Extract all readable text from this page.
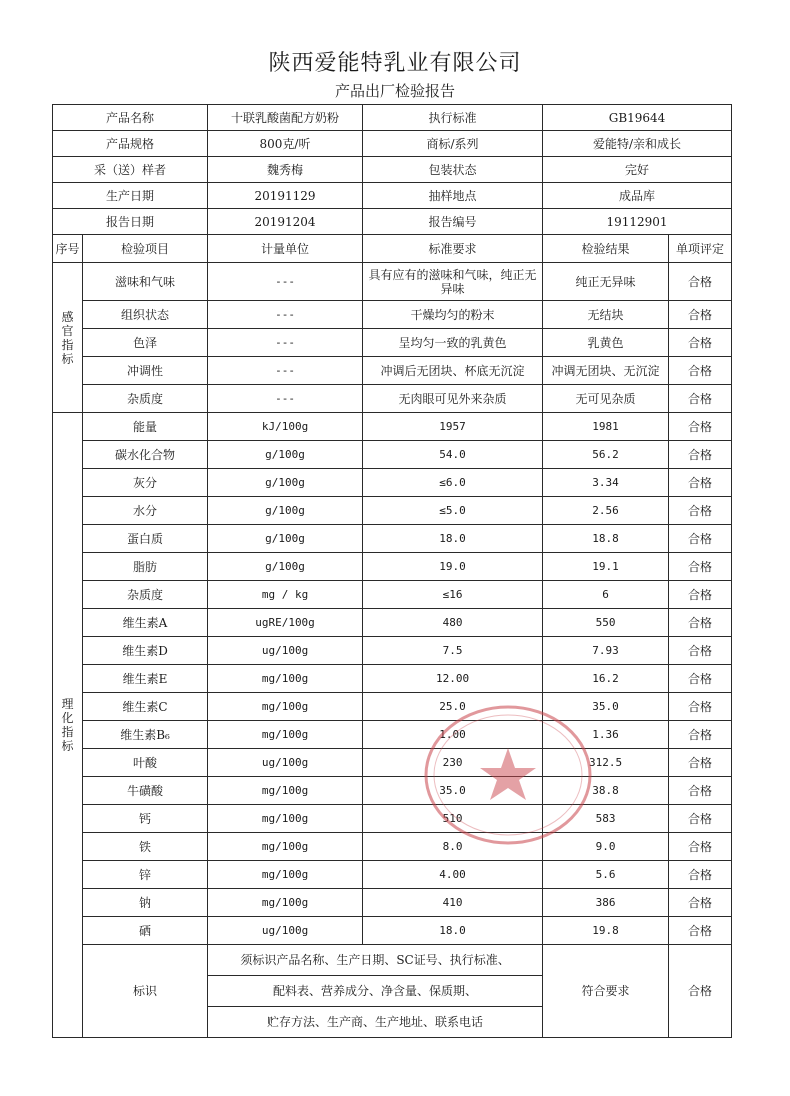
陕西爱能特乳业有限公司
产品出厂检验报告
产品名称		十联乳酸菌配方奶粉	执行标准	GB19644	
产品规格		800克/听	商标/系列	爱能特/亲和成长	
采（送）样者		魏秀梅	包装状态	完好	
生产日期		20191129	抽样地点	成品库	
报告日期		20191204	报告编号	19112901	
序号	检验项目	计量单位	标准要求	检验结果	单项评定
感
官
指
标	滋味和气味	---	具有应有的滋味和气味，纯正无异味	纯正无异味	合格
	组织状态	---	干燥均匀的粉末	无结块	合格
	色泽	---	呈均匀一致的乳黄色	乳黄色	合格
	冲调性	---	冲调后无团块、杯底无沉淀	冲调无团块、无沉淀	合格
	杂质度	---	无肉眼可见外来杂质	无可见杂质	合格
理
化
指
标	能量	kJ/100g	1957	1981	合格
	碳水化合物	g/100g	54.0	56.2	合格
	灰分	g/100g	≤6.0	3.34	合格
	水分	g/100g	≤5.0	2.56	合格
	蛋白质	g/100g	18.0	18.8	合格
	脂肪	g/100g	19.0	19.1	合格
	杂质度	mg / kg	≤16	6	合格
	维生素A	ugRE/100g	480	550	合格
	维生素D	ug/100g	7.5	7.93	合格
	维生素E	mg/100g	12.00	16.2	合格
	维生素C	mg/100g	25.0	35.0	合格
	维生素B₆	mg/100g	1.00	1.36	合格
	叶酸	ug/100g	230	312.5	合格
	牛磺酸	mg/100g	35.0	38.8	合格
	钙	mg/100g	510	583	合格
	铁	mg/100g	8.0	9.0	合格
	锌	mg/100g	4.00	5.6	合格
	钠	mg/100g	410	386	合格
	硒	ug/100g	18.0	19.8	合格
	标识	须标识产品名称、生产日期、SC证号、执行标准、		符合要求	合格
		配料表、营养成分、净含量、保质期、			
		贮存方法、生产商、生产地址、联系电话			
